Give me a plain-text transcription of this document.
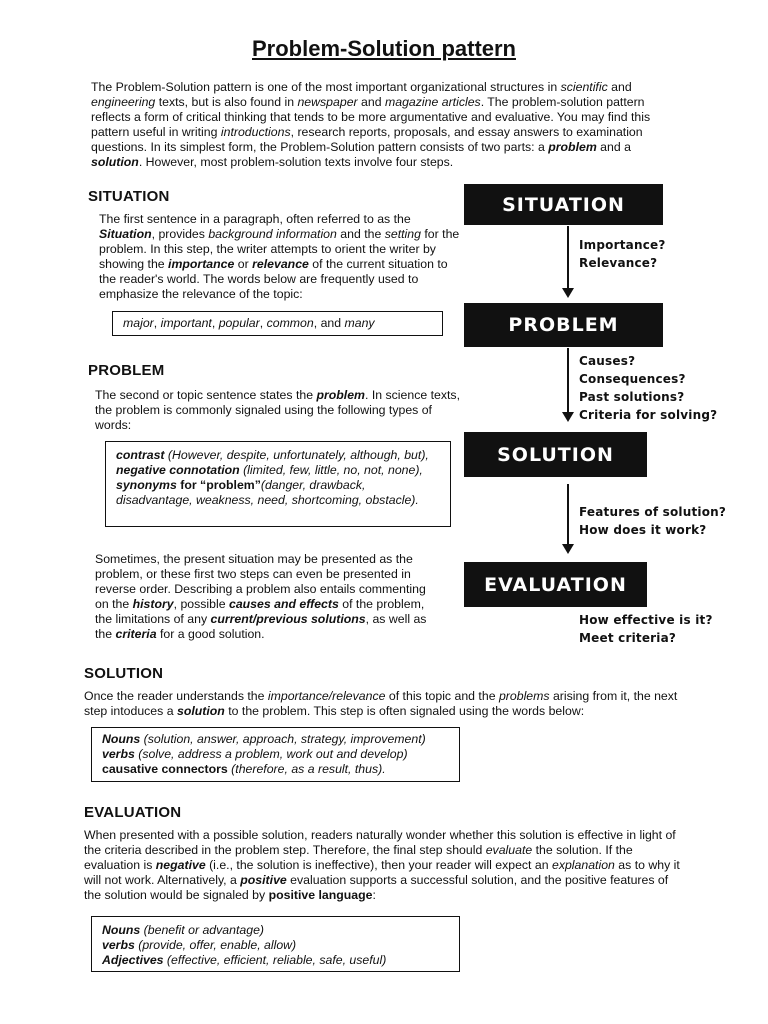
Problem-Solution pattern
The Problem-Solution pattern is one of the most important organizational structures in scientific and engineering texts, but is also found in newspaper and magazine articles. The problem-solution pattern reflects a form of critical thinking that tends to be more argumentative and evaluative. You may find this pattern useful in writing introductions, research reports, proposals, and essay answers to examination questions. In its simplest form, the Problem-Solution pattern consists of two parts: a problem and a solution. However, most problem-solution texts involve four steps.
SITUATION
The first sentence in a paragraph, often referred to as the Situation, provides background information and the setting for the problem. In this step, the writer attempts to orient the writer by showing the importance or relevance of the current situation to the reader's world. The words below are frequently used to emphasize the relevance of the topic:
major, important, popular, common, and many
PROBLEM
The second or topic sentence states the problem. In science texts, the problem is commonly signaled using the following types of words:
contrast (However, despite, unfortunately, although, but),
negative connotation (limited, few, little, no, not, none),
synonyms for “problem”(danger, drawback, disadvantage, weakness, need, shortcoming, obstacle).
Sometimes, the present situation may be presented as the problem, or these first two steps can even be presented in reverse order. Describing a problem also entails commenting on the history, possible causes and effects of the problem, the limitations of any current/previous solutions, as well as the criteria for a good solution.
SOLUTION
Once the reader understands the importance/relevance of this topic and the problems arising from it, the next step intoduces a solution to the problem. This step is often signaled using the words below:
Nouns (solution, answer, approach, strategy, improvement)
verbs (solve, address a problem, work out and develop)
causative connectors (therefore, as a result, thus).
EVALUATION
When presented with a possible solution, readers naturally wonder whether this solution is effective in light of the criteria described in the problem step. Therefore, the final step should evaluate the solution. If the evaluation is negative (i.e., the solution is ineffective), then your reader will expect an explanation as to why it will not work. Alternatively, a positive evaluation supports a successful solution, and the positive features of the solution would be signaled by positive language:
Nouns (benefit or advantage)
verbs (provide, offer, enable, allow)
Adjectives (effective, efficient, reliable, safe, useful)
SITUATION
Importance?
Relevance?
PROBLEM
Causes?
Consequences?
Past solutions?
Criteria for solving?
SOLUTION
Features of solution?
How does it work?
EVALUATION
How effective is it?
Meet criteria?
